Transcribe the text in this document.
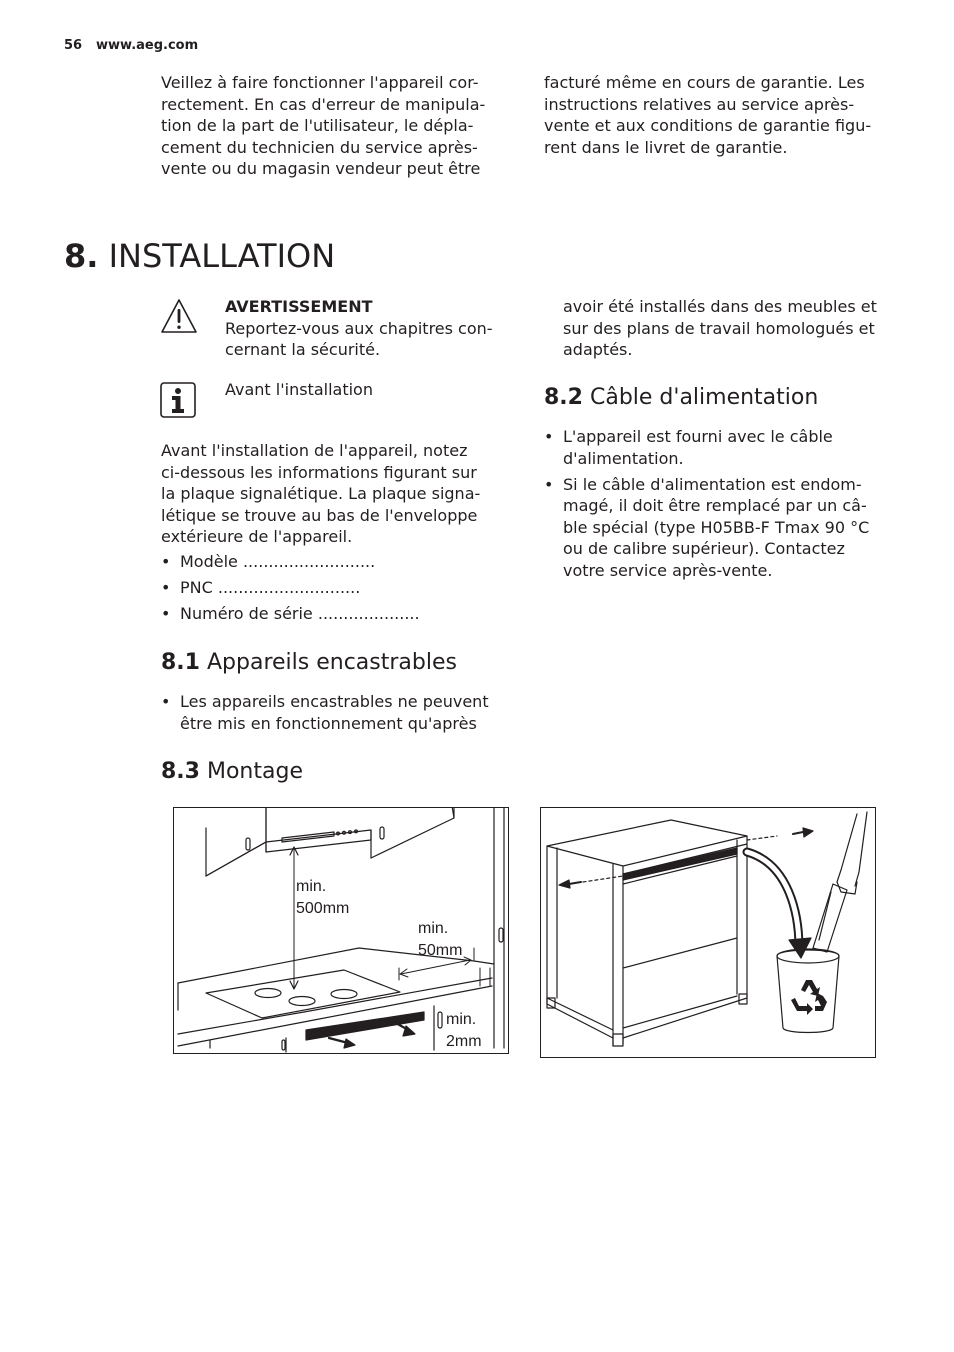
56 www.aeg.com
Veillez à faire fonctionner l'appareil cor-
rectement. En cas d'erreur de manipula-
tion de la part de l'utilisateur, le dépla-
cement du technicien du service après-
vente ou du magasin vendeur peut être
facturé même en cours de garantie. Les
instructions relatives au service après-
vente et aux conditions de garantie figu-
rent dans le livret de garantie.
8. INSTALLATION
AVERTISSEMENT
Reportez-vous aux chapitres con-
cernant la sécurité.
Avant l'installation
Avant l'installation de l'appareil, notez
ci-dessous les informations figurant sur
la plaque signalétique. La plaque signa-
létique se trouve au bas de l'enveloppe
extérieure de l'appareil.
• Modèle ..........................
• PNC ............................
• Numéro de série ....................
8.1 Appareils encastrables
• Les appareils encastrables ne peuvent
être mis en fonctionnement qu'après
avoir été installés dans des meubles et
sur des plans de travail homologués et
adaptés.
8.2 Câble d'alimentation
• L'appareil est fourni avec le câble
d'alimentation.
• Si le câble d'alimentation est endom-
magé, il doit être remplacé par un câ-
ble spécial (type H05BB-F Tmax 90 °C
ou de calibre supérieur). Contactez
votre service après-vente.
8.3 Montage
min.
500mm
min.
50mm
min.
2mm
